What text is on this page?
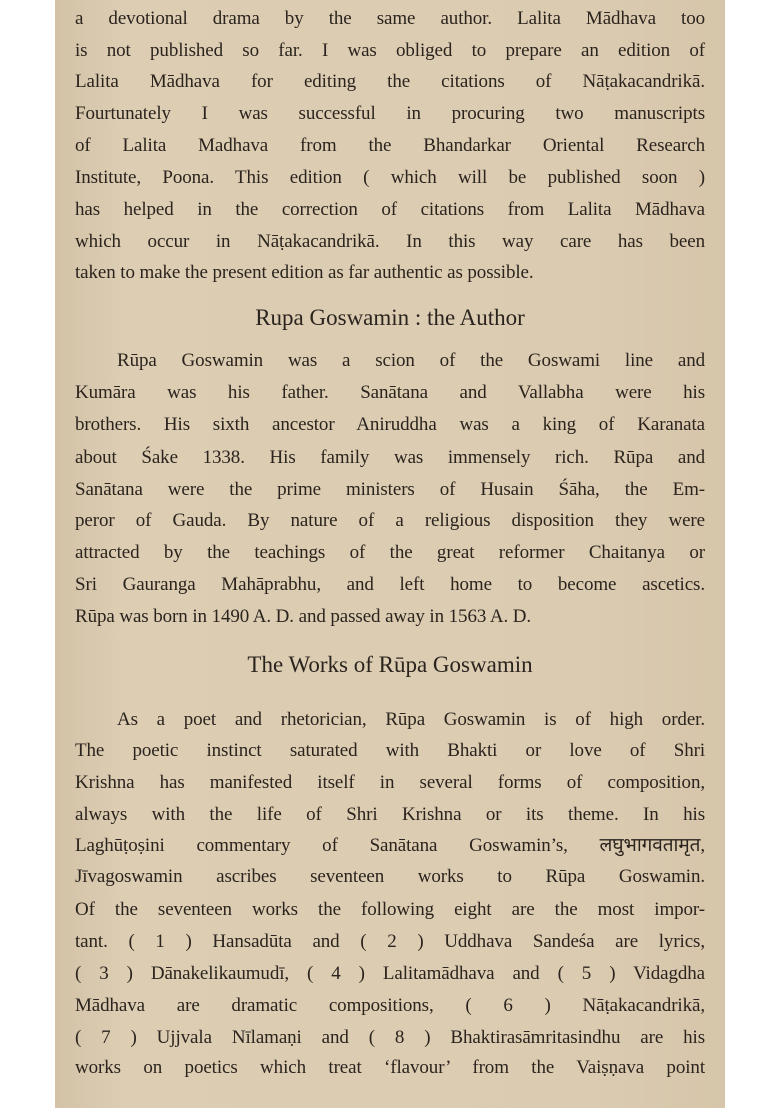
a devotional drama by the same author. Lalita Mādhava too
is not published so far. I was obliged to prepare an edition of
Lalita Mādhava for editing the citations of Nāṭakacandrikā.
Fourtunately I was successful in procuring two manuscripts
of Lalita Madhava from the Bhandarkar Oriental Research
Institute, Poona. This edition ( which will be published soon )
has helped in the correction of citations from Lalita Mādhava
which occur in Nāṭakacandrikā. In this way care has been
taken to make the present edition as far authentic as possible.
Rupa Goswamin : the Author
Rūpa Goswamin was a scion of the Goswami line and
Kumāra was his father. Sanātana and Vallabha were his
brothers. His sixth ancestor Aniruddha was a king of Karanata
about Śake 1338. His family was immensely rich. Rūpa and
Sanātana were the prime ministers of Husain Śāha, the Em-
peror of Gauda. By nature of a religious disposition they were
attracted by the teachings of the great reformer Chaitanya or
Sri Gauranga Mahāprabhu, and left home to become ascetics.
Rūpa was born in 1490 A. D. and passed away in 1563 A. D.
The Works of Rūpa Goswamin
As a poet and rhetorician, Rūpa Goswamin is of high order.
The poetic instinct saturated with Bhakti or love of Shri
Krishna has manifested itself in several forms of composition,
always with the life of Shri Krishna or its theme. In his
Laghūṭoṣini commentary of Sanātana Goswamin’s, लघुभागवतामृत,
Jīvagoswamin ascribes seventeen works to Rūpa Goswamin.
Of the seventeen works the following eight are the most impor-
tant. ( 1 ) Hansadūta and ( 2 ) Uddhava Sandeśa are lyrics,
( 3 ) Dānakelikaumudī, ( 4 ) Lalitamādhava and ( 5 ) Vidagdha
Mādhava are dramatic compositions, ( 6 ) Nāṭakacandrikā,
( 7 ) Ujjvala Nīlamaṇi and ( 8 ) Bhaktirasāmritasindhu are his
works on poetics which treat ‘flavour’ from the Vaiṣṇava point
